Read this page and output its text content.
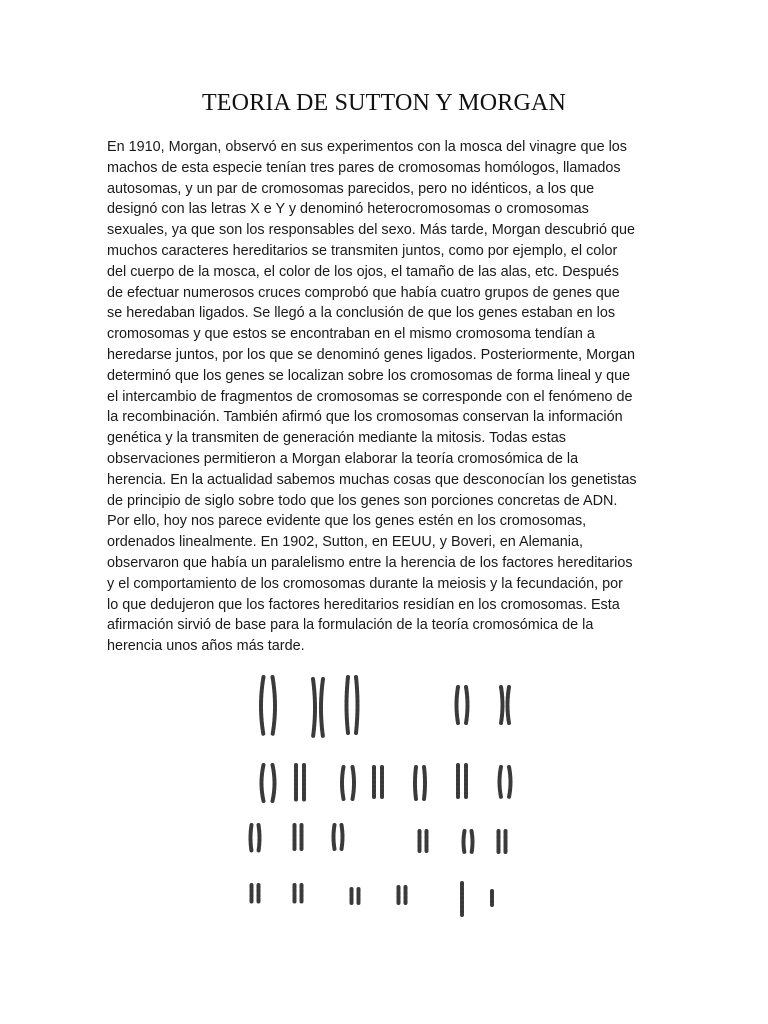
TEORIA DE SUTTON Y MORGAN
En 1910, Morgan, observó en sus experimentos con la mosca del vinagre que los
machos de esta especie tenían tres pares de cromosomas homólogos, llamados
autosomas, y un par de cromosomas parecidos, pero no idénticos, a los que
designó con las letras X e Y y denominó heterocromosomas o cromosomas
sexuales, ya que son los responsables del sexo. Más tarde, Morgan descubrió que
muchos caracteres hereditarios se transmiten juntos, como por ejemplo, el color
del cuerpo de la mosca, el color de los ojos, el tamaño de las alas, etc. Después
de efectuar numerosos cruces comprobó que había cuatro grupos de genes que
se heredaban ligados. Se llegó a la conclusión de que los genes estaban en los
cromosomas y que estos se encontraban en el mismo cromosoma tendían a
heredarse juntos, por los que se denominó genes ligados. Posteriormente, Morgan
determinó que los genes se localizan sobre los cromosomas de forma lineal y que
el intercambio de fragmentos de cromosomas se corresponde con el fenómeno de
la recombinación. También afirmó que los cromosomas conservan la información
genética y la transmiten de generación mediante la mitosis. Todas estas
observaciones permitieron a Morgan elaborar la teoría cromosómica de la
herencia. En la actualidad sabemos muchas cosas que desconocían los genetistas
de principio de siglo sobre todo que los genes son porciones concretas de ADN.
Por ello, hoy nos parece evidente que los genes estén en los cromosomas,
ordenados linealmente. En 1902, Sutton, en EEUU, y Boveri, en Alemania,
observaron que había un paralelismo entre la herencia de los factores hereditarios
y el comportamiento de los cromosomas durante la meiosis y la fecundación, por
lo que dedujeron que los factores hereditarios residían en los cromosomas. Esta
afirmación sirvió de base para la formulación de la teoría cromosómica de la
herencia unos años más tarde.
